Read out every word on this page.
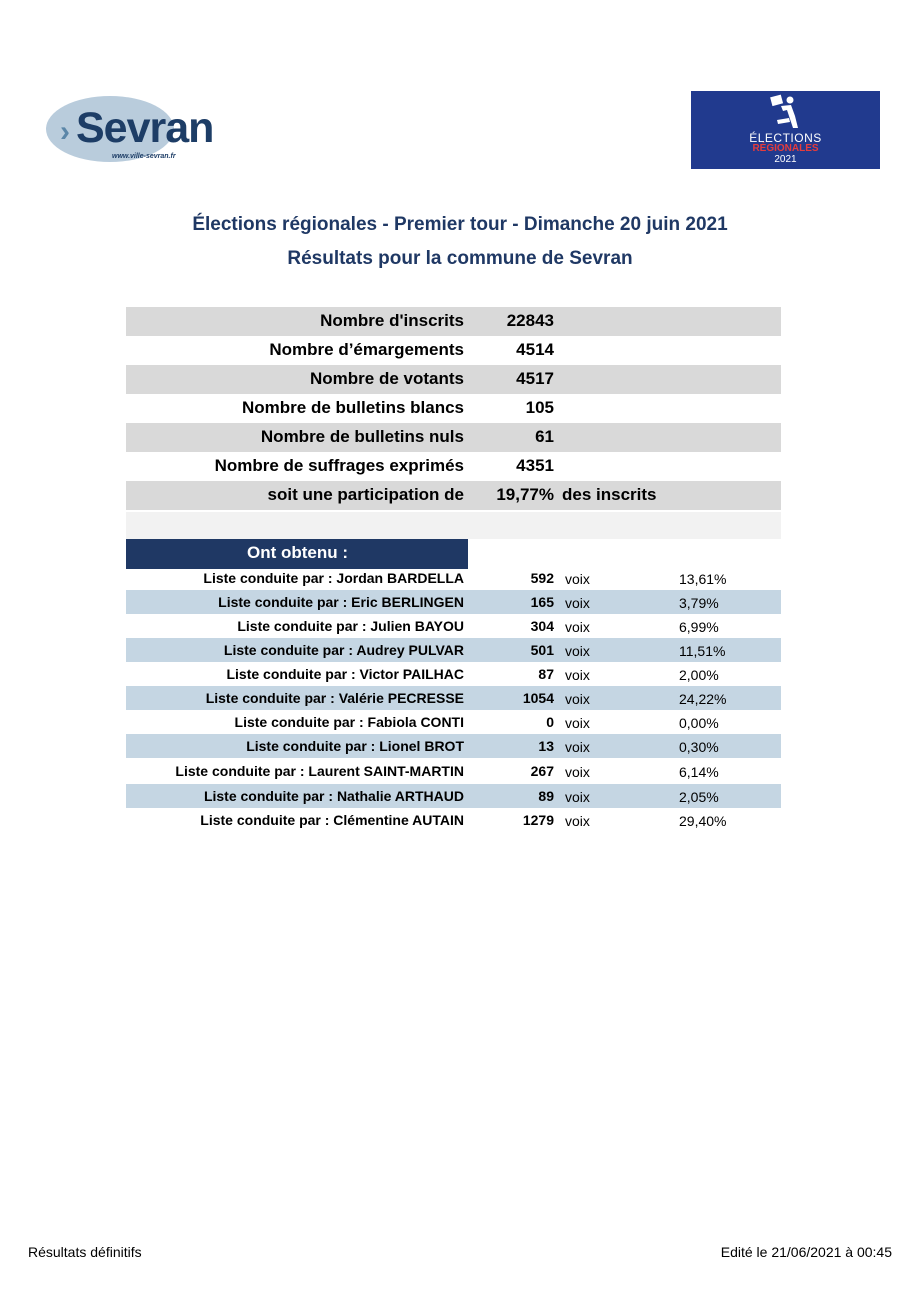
› Sevran
www.ville-sevran.fr
ÉLECTIONS
RÉGIONALES
2021
Élections régionales - Premier tour - Dimanche 20 juin 2021
Résultats pour la commune de Sevran
Nombre d'inscrits	22843
Nombre d’émargements	4514
Nombre de votants	4517
Nombre de bulletins blancs	105
Nombre de bulletins nuls	61
Nombre de suffrages exprimés	4351
soit une participation de 19,77% des inscrits
Ont obtenu :
Liste conduite par : Jordan BARDELLA	592 voix	13,61%
Liste conduite par : Eric BERLINGEN	165 voix	3,79%
Liste conduite par : Julien BAYOU	304 voix	6,99%
Liste conduite par : Audrey PULVAR	501 voix	11,51%
Liste conduite par : Victor PAILHAC	87 voix	2,00%
Liste conduite par : Valérie PECRESSE	1054 voix	24,22%
Liste conduite par : Fabiola CONTI	0 voix	0,00%
Liste conduite par : Lionel BROT	13 voix	0,30%
Liste conduite par : Laurent SAINT-MARTIN	267 voix	6,14%
Liste conduite par : Nathalie ARTHAUD	89 voix	2,05%
Liste conduite par : Clémentine AUTAIN	1279 voix	29,40%
Résultats définitifs	Edité le 21/06/2021 à 00:45
